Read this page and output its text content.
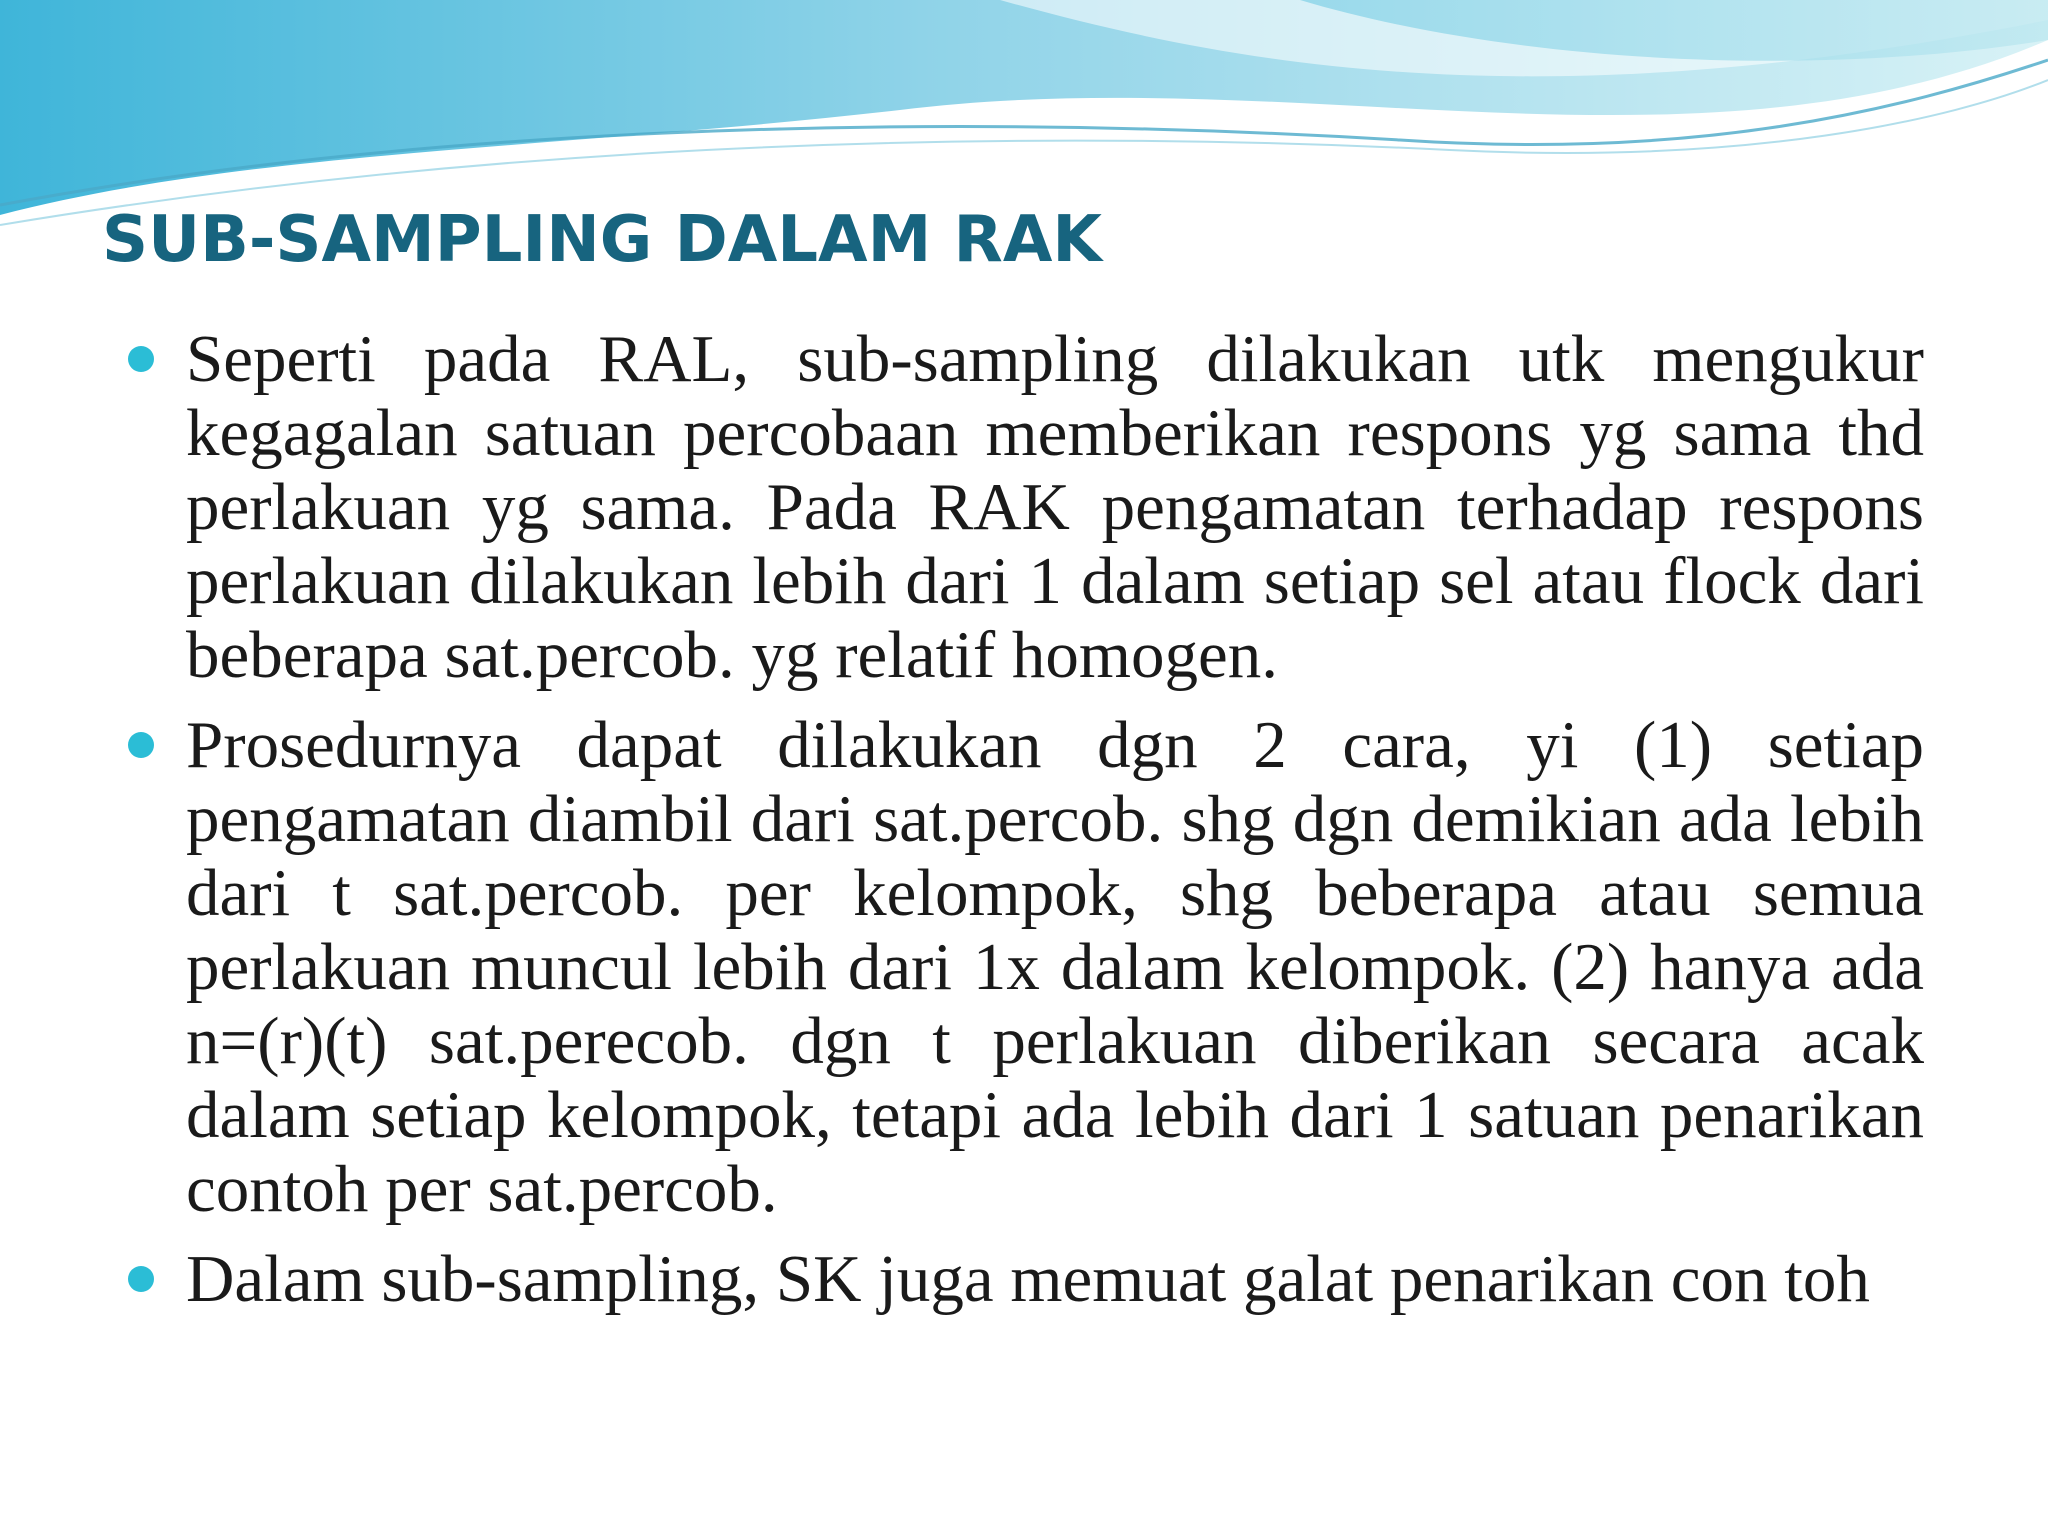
SUB-SAMPLING DALAM RAK
Seperti pada RAL, sub-sampling dilakukan utk mengukur kegagalan satuan percobaan memberikan respons yg sama thd perlakuan yg sama. Pada RAK pengamatan terhadap respons perlakuan dilakukan lebih dari 1 dalam setiap sel atau flock dari beberapa sat.percob. yg relatif homogen.
Prosedurnya dapat dilakukan dgn 2 cara, yi (1) setiap pengamatan diambil dari sat.percob. shg dgn demikian ada lebih dari t sat.percob. per kelompok, shg beberapa atau semua perlakuan muncul lebih dari 1x dalam kelompok. (2) hanya ada n=(r)(t) sat.perecob. dgn t perlakuan diberikan secara acak dalam setiap kelompok, tetapi ada lebih dari 1 satuan penarikan contoh per sat.percob.
Dalam sub-sampling, SK juga memuat galat penarikan con toh
